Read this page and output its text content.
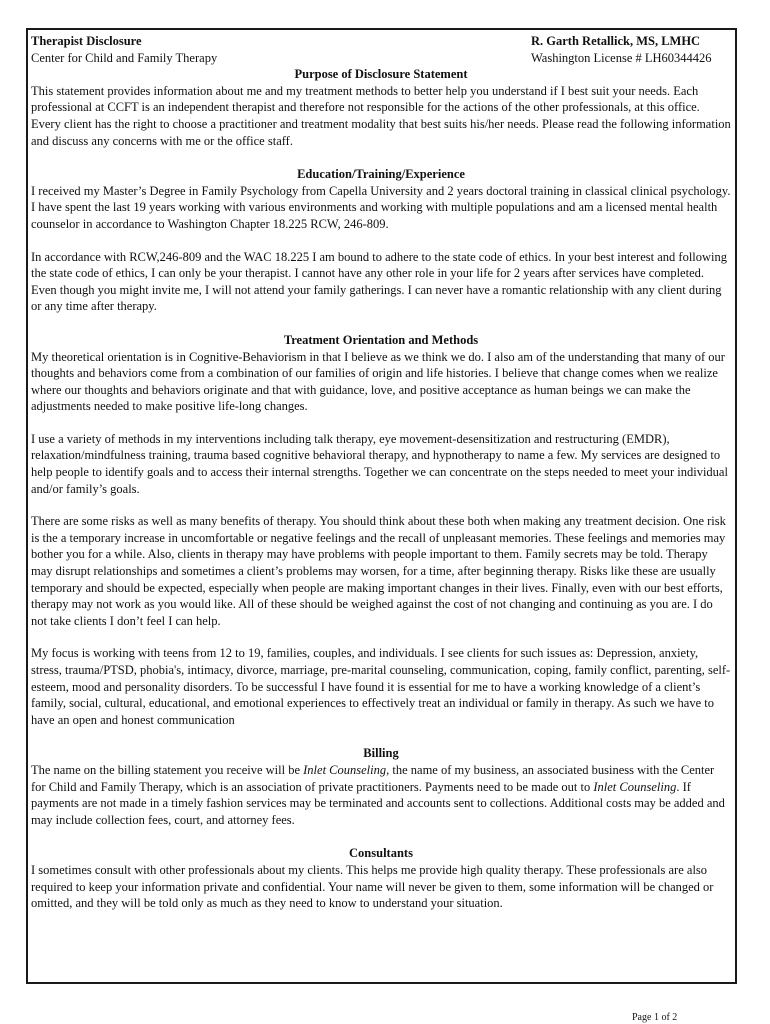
Therapist Disclosure	R. Garth Retallick, MS, LMHC
Center for Child and Family Therapy	Washington License # LH60344426
Purpose of Disclosure Statement

This statement provides information about me and my treatment methods to better help you understand if I best suit your needs. Each professional at CCFT is an independent therapist and therefore not responsible for the actions of the other professionals, at this office. Every client has the right to choose a practitioner and treatment modality that best suits his/her needs. Please read the following information and discuss any concerns with me or the office staff.

Education/Training/Experience

I received my Master’s Degree in Family Psychology from Capella University and 2 years doctoral training in classical clinical psychology. I have spent the last 19 years working with various environments and working with multiple populations and am a licensed mental health counselor in accordance to Washington Chapter 18.225 RCW, 246-809.

In accordance with RCW,246-809 and the WAC 18.225 I am bound to adhere to the state code of ethics. In your best interest and following the state code of ethics, I can only be your therapist. I cannot have any other role in your life for 2 years after services have completed. Even though you might invite me, I will not attend your family gatherings. I can never have a romantic relationship with any client during or any time after therapy.

Treatment Orientation and Methods

My theoretical orientation is in Cognitive-Behaviorism in that I believe as we think we do. I also am of the understanding that many of our thoughts and behaviors come from a combination of our families of origin and life histories. I believe that change comes when we realize where our thoughts and behaviors originate and that with guidance, love, and positive acceptance as human beings we can make the adjustments needed to make positive life-long changes.

I use a variety of methods in my interventions including talk therapy, eye movement-desensitization and restructuring (EMDR), relaxation/mindfulness training, trauma based cognitive behavioral therapy, and hypnotherapy to name a few. My services are designed to help people to identify goals and to access their internal strengths. Together we can concentrate on the steps needed to meet your individual and/or family’s goals.

There are some risks as well as many benefits of therapy. You should think about these both when making any treatment decision. One risk is the a temporary increase in uncomfortable or negative feelings and the recall of unpleasant memories. These feelings and memories may bother you for a while. Also, clients in therapy may have problems with people important to them. Family secrets may be told. Therapy may disrupt relationships and sometimes a client’s problems may worsen, for a time, after beginning therapy. Risks like these are usually temporary and should be expected, especially when people are making important changes in their lives. Finally, even with our best efforts, therapy may not work as you would like. All of these should be weighed against the cost of not changing and continuing as you are. I do not take clients I don’t feel I can help.

My focus is working with teens from 12 to 19, families, couples, and individuals. I see clients for such issues as: Depression, anxiety, stress, trauma/PTSD, phobia's, intimacy, divorce, marriage, pre-marital counseling, communication, coping, family conflict, parenting, self-esteem, mood and personality disorders. To be successful I have found it is essential for me to have a working knowledge of a client’s family, social, cultural, educational, and emotional experiences to effectively treat an individual or family in therapy. As such we have to have an open and honest communication

Billing

The name on the billing statement you receive will be Inlet Counseling, the name of my business, an associated business with the Center for Child and Family Therapy, which is an association of private practitioners. Payments need to be made out to Inlet Counseling. If payments are not made in a timely fashion services may be terminated and accounts sent to collections. Additional costs may be added and may include collection fees, court, and attorney fees.

Consultants

I sometimes consult with other professionals about my clients. This helps me provide high quality therapy. These professionals are also required to keep your information private and confidential. Your name will never be given to them, some information will be changed or omitted, and they will be told only as much as they need to know to understand your situation.

Page 1 of 2
